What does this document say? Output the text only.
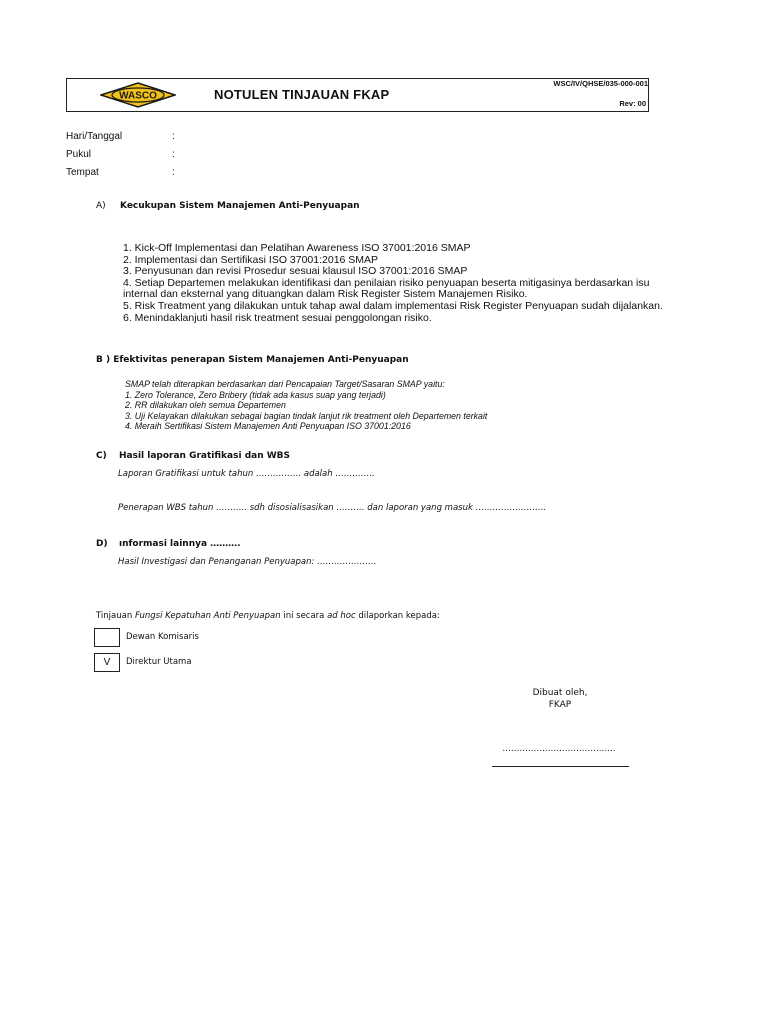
WASCO	NOTULEN TINJAUAN FKAP
WSC/IV/QHSE/035-000-001
Rev: 00
Hari/Tanggal	:
Pukul	:
Tempat	:
A) Kecukupan Sistem Manajemen Anti-Penyuapan
1. Kick-Off Implementasi dan Pelatihan Awareness ISO 37001:2016 SMAP
2. Implementasi dan Sertifikasi ISO 37001:2016 SMAP
3. Penyusunan dan revisi Prosedur sesuai klausul ISO 37001:2016 SMAP
4. Setiap Departemen melakukan identifikasi dan penilaian risiko penyuapan beserta mitigasinya berdasarkan isu internal dan eksternal yang dituangkan dalam Risk Register Sistem Manajemen Risiko.
5. Risk Treatment yang dilakukan untuk tahap awal dalam implementasi Risk Register Penyuapan sudah dijalankan.
6. Menindaklanjuti hasil risk treatment sesuai penggolongan risiko.
B ) Efektivitas penerapan Sistem Manajemen Anti-Penyuapan
SMAP telah diterapkan berdasarkan dari Pencapaian Target/Sasaran SMAP yaitu:
1. Zero Tolerance, Zero Bribery (tidak ada kasus suap yang terjadi)
2. RR dilakukan oleh semua Departemen
3. Uji Kelayakan dilakukan sebagai bagian tindak lanjut rik treatment oleh Departemen terkait
4. Meraih Sertifikasi Sistem Manajemen Anti Penyuapan ISO 37001:2016
C) Hasil laporan Gratifikasi dan WBS
Laporan Gratifikasi untuk tahun ……………. adalah …………..
Penerapan WBS tahun ……….. sdh disosialisasikan ………. dan laporan yang masuk …………………….
D) ınformasi lainnya ……….
Hasil Investigasi dan Penanganan Penyuapan: …………………
Tinjauan Fungsi Kepatuhan Anti Penyuapan ini secara ad hoc dilaporkan kepada:
Dewan Komisaris
V	Direktur Utama
Dibuat oleh,
FKAP
………………………………….
